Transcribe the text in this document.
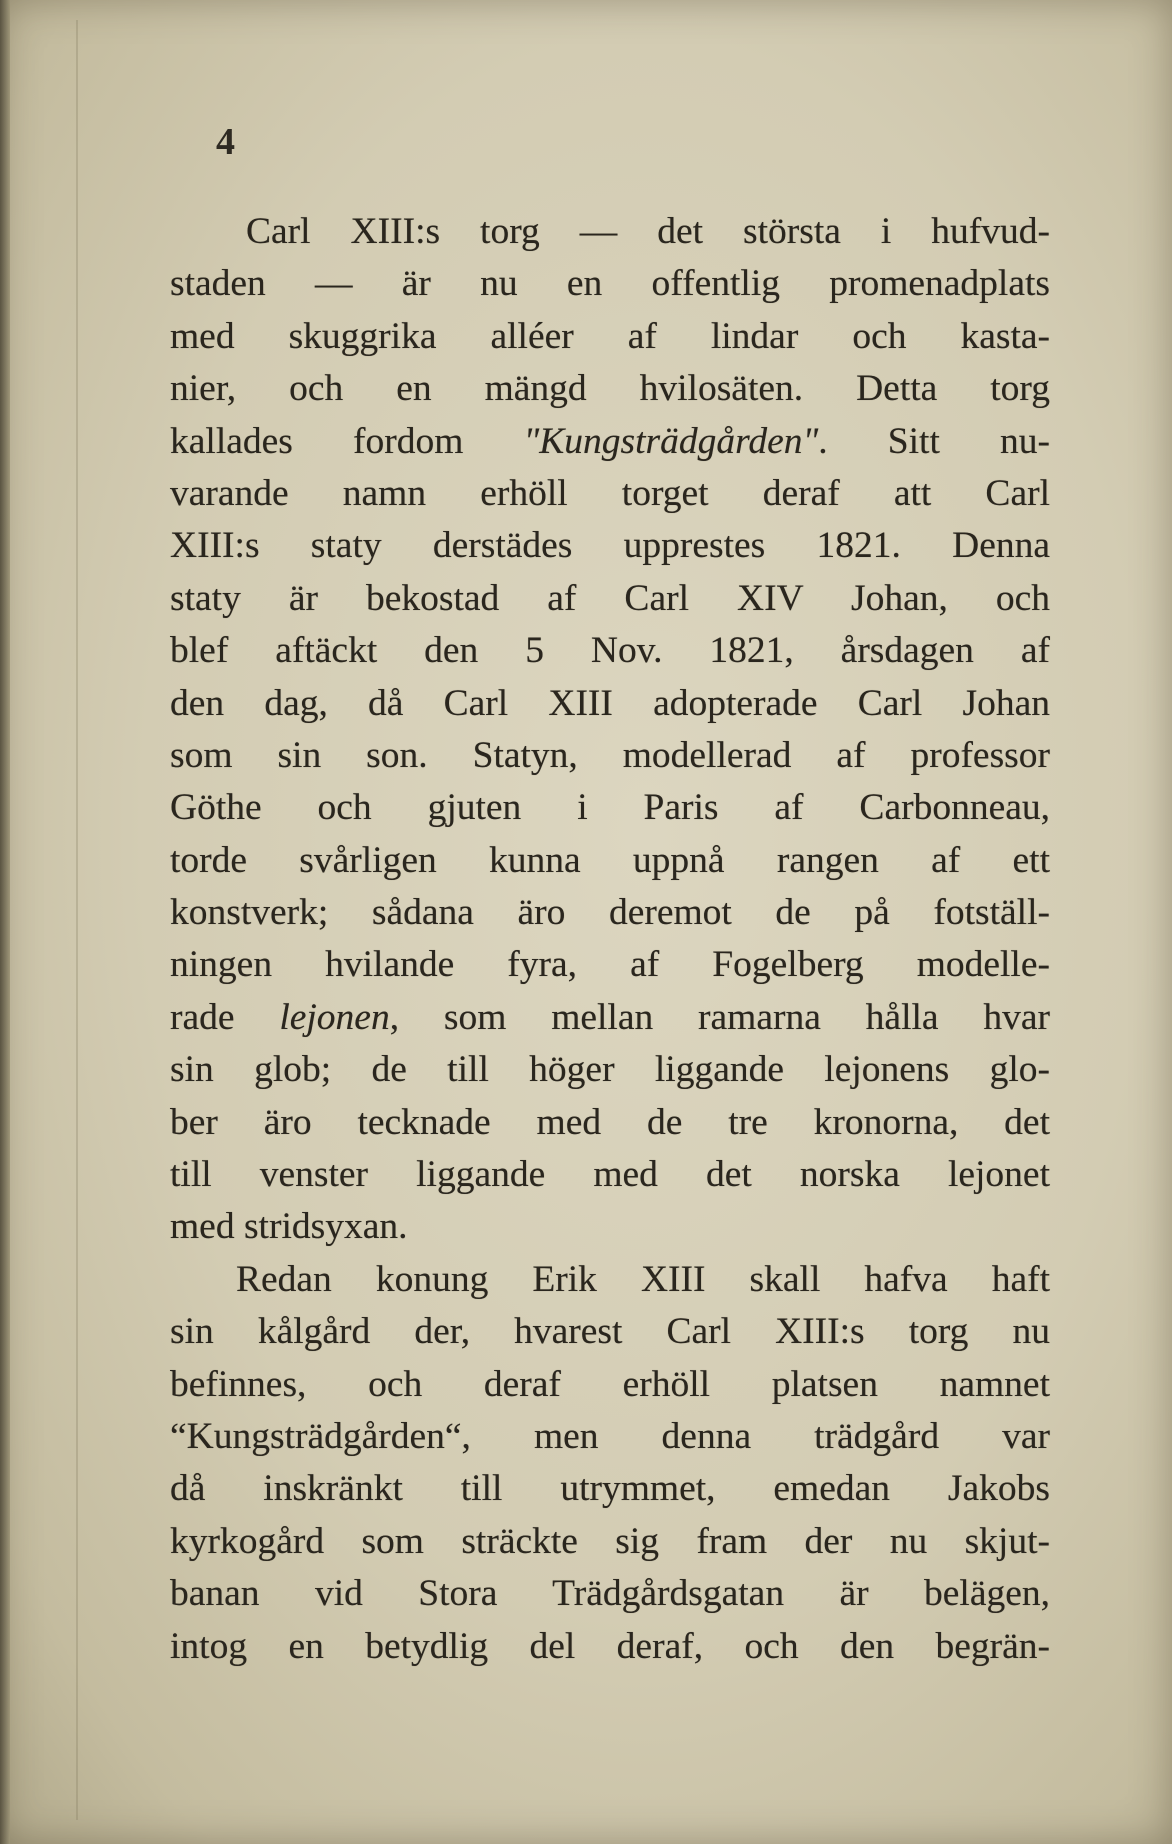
4
Carl XIII:s torg — det största i hufvud-
staden — är nu en offentlig promenadplats
med skuggrika alléer af lindar och kasta-
nier, och en mängd hvilosäten. Detta torg
kallades fordom "Kungsträdgården". Sitt nu-
varande namn erhöll torget deraf att Carl
XIII:s staty derstädes upprestes 1821. Denna
staty är bekostad af Carl XIV Johan, och
blef aftäckt den 5 Nov. 1821, årsdagen af
den dag, då Carl XIII adopterade Carl Johan
som sin son. Statyn, modellerad af professor
Göthe och gjuten i Paris af Carbonneau,
torde svårligen kunna uppnå rangen af ett
konstverk; sådana äro deremot de på fotställ-
ningen hvilande fyra, af Fogelberg modelle-
rade lejonen, som mellan ramarna hålla hvar
sin glob; de till höger liggande lejonens glo-
ber äro tecknade med de tre kronorna, det
till venster liggande med det norska lejonet
med stridsyxan.
Redan konung Erik XIII skall hafva haft
sin kålgård der, hvarest Carl XIII:s torg nu
befinnes, och deraf erhöll platsen namnet
“Kungsträdgården“, men denna trädgård var
då inskränkt till utrymmet, emedan Jakobs
kyrkogård som sträckte sig fram der nu skjut-
banan vid Stora Trädgårdsgatan är belägen,
intog en betydlig del deraf, och den begrän-
